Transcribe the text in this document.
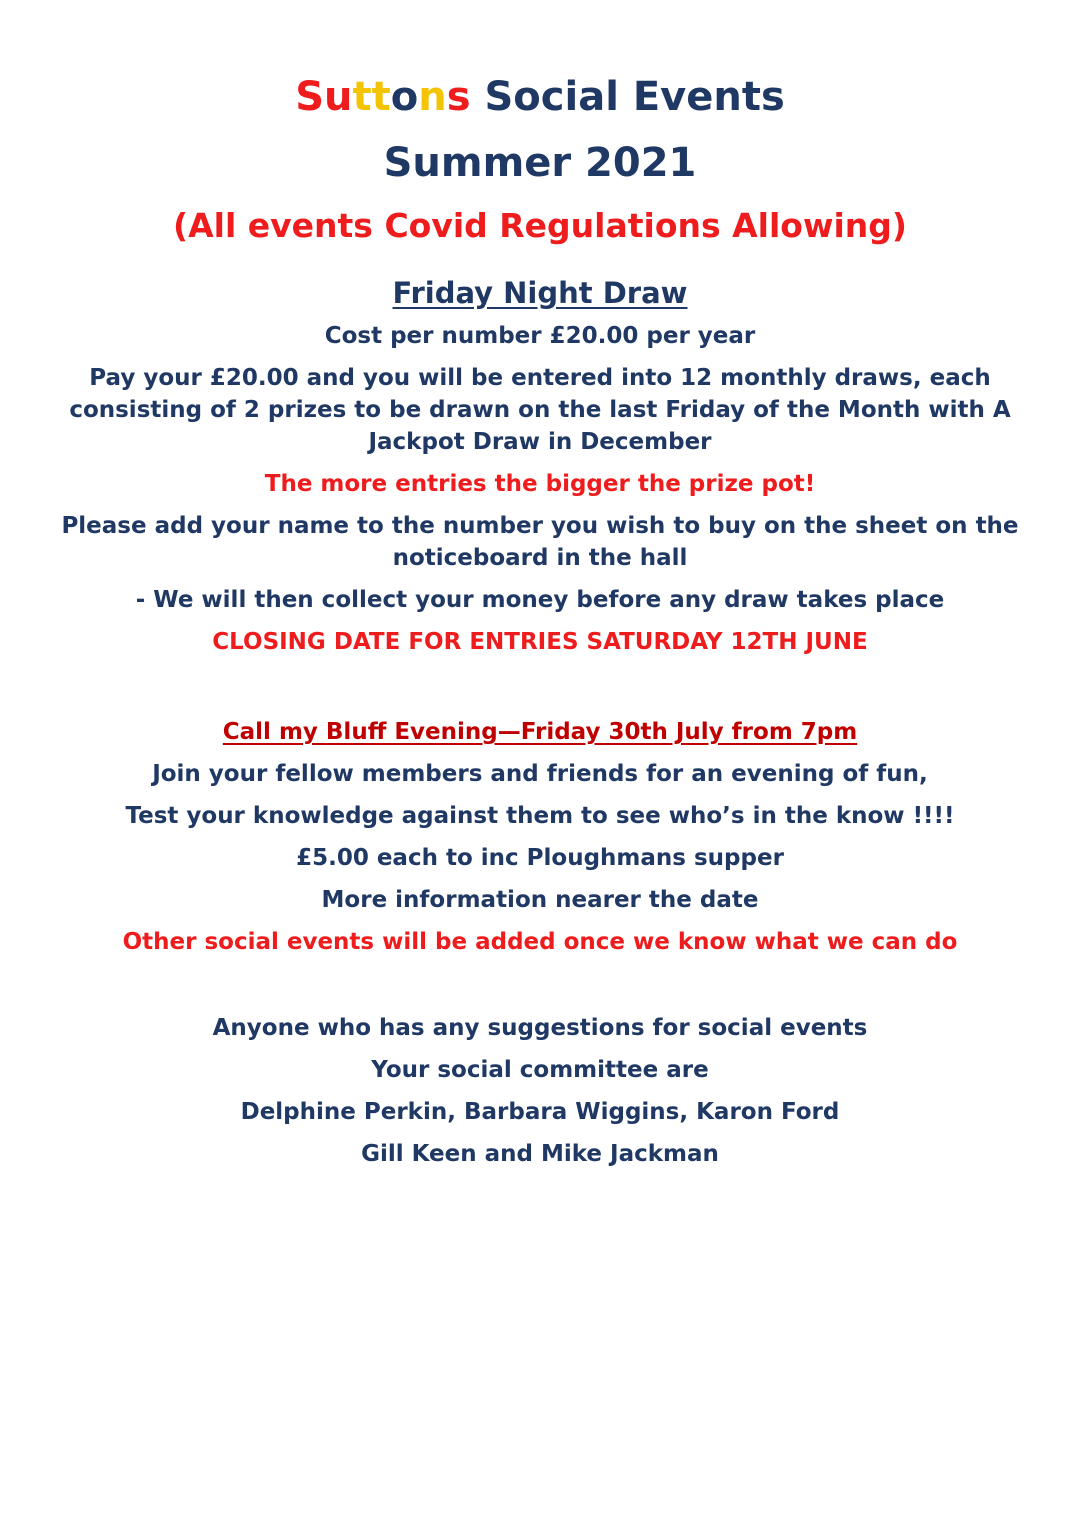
Suttons Social Events
Summer 2021

(All events Covid Regulations Allowing)

Friday Night Draw

Cost per number £20.00 per year

Pay your £20.00 and you will be entered into 12 monthly draws, each consisting of 2 prizes to be drawn on the last Friday of the Month with A Jackpot Draw in December

The more entries the bigger the prize pot!

Please add your name to the number you wish to buy on the sheet on the noticeboard in the hall

- We will then collect your money before any draw takes place

CLOSING DATE FOR ENTRIES SATURDAY 12TH JUNE

Call my Bluff Evening—Friday 30th July from 7pm

Join your fellow members and friends for an evening of fun,

Test your knowledge against them to see who’s in the know !!!!

£5.00 each to inc Ploughmans supper

More information nearer the date

Other social events will be added once we know what we can do

Anyone who has any suggestions for social events

Your social committee are

Delphine Perkin, Barbara Wiggins, Karon Ford

Gill Keen and Mike Jackman
